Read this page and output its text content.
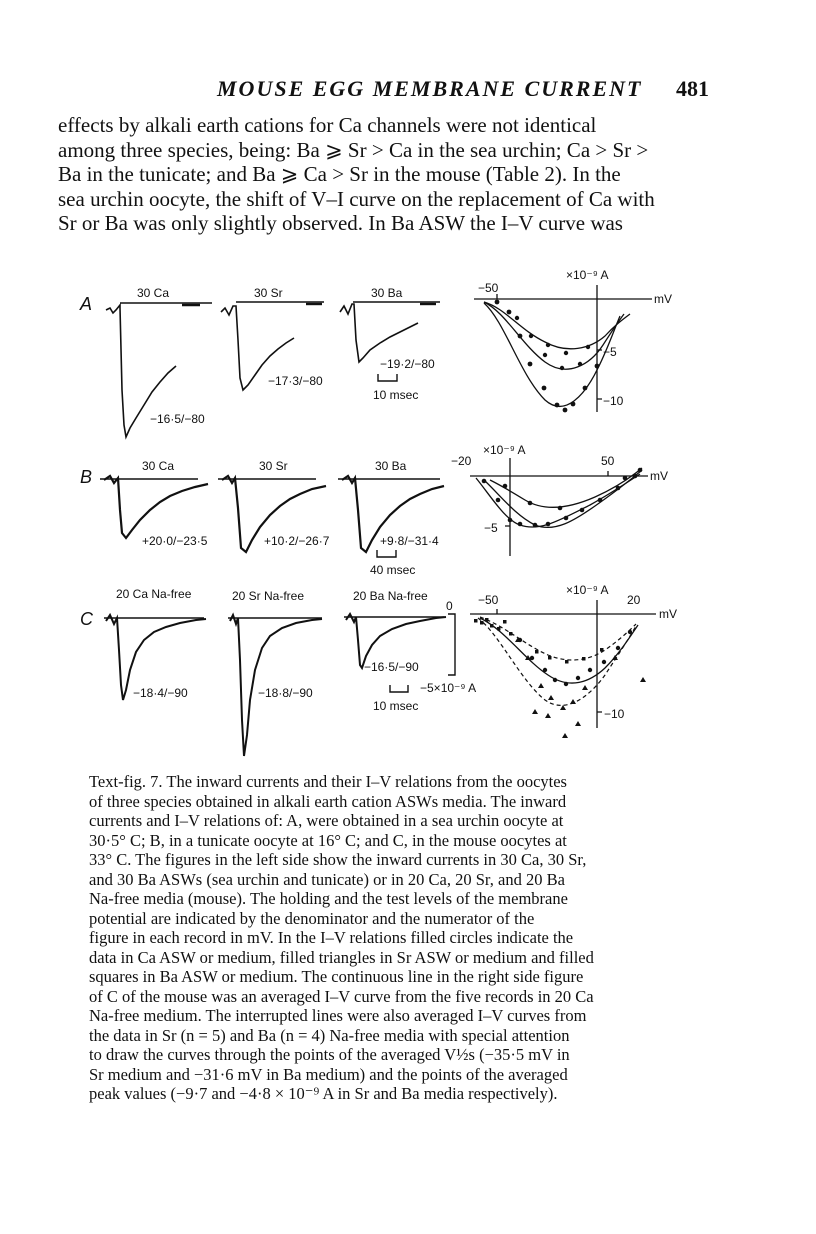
MOUSE EGG MEMBRANE CURRENT 481

effects by alkali earth cations for Ca channels were not identical
among three species, being: Ba ⩾ Sr > Ca in the sea urchin; Ca > Sr >
Ba in the tunicate; and Ba ⩾ Ca > Sr in the mouse (Table 2). In the
sea urchin oocyte, the shift of V–I curve on the replacement of Ca with
Sr or Ba was only slightly observed. In Ba ASW the I–V curve was

A
30 Ca
−16·5/−80
30 Sr
−17·3/−80
30 Ba
−19·2/−80
10 msec
×10⁻⁹ A
−50
mV
−5
−10
B
30 Ca
+20·0/−23·5
30 Sr
+10·2/−26·7
30 Ba
+9·8/−31·4
40 msec
×10⁻⁹ A
−20	50
mV
−5
C
20 Ca Na-free
−18·4/−90
20 Sr Na-free
−18·8/−90
20 Ba Na-free
−16·5/−90
0
−5×10⁻⁹ A
10 msec
×10⁻⁹ A
−50	20
mV
−10

Text-fig. 7. The inward currents and their I–V relations from the oocytes
of three species obtained in alkali earth cation ASWs media. The inward
currents and I–V relations of: A, were obtained in a sea urchin oocyte at
30·5° C; B, in a tunicate oocyte at 16° C; and C, in the mouse oocytes at
33° C. The figures in the left side show the inward currents in 30 Ca, 30 Sr,
and 30 Ba ASWs (sea urchin and tunicate) or in 20 Ca, 20 Sr, and 20 Ba
Na-free media (mouse). The holding and the test levels of the membrane
potential are indicated by the denominator and the numerator of the
figure in each record in mV. In the I–V relations filled circles indicate the
data in Ca ASW or medium, filled triangles in Sr ASW or medium and filled
squares in Ba ASW or medium. The continuous line in the right side figure
of C of the mouse was an averaged I–V curve from the five records in 20 Ca
Na-free medium. The interrupted lines were also averaged I–V curves from
the data in Sr (n = 5) and Ba (n = 4) Na-free media with special attention
to draw the curves through the points of the averaged V½s (−35·5 mV in
Sr medium and −31·6 mV in Ba medium) and the points of the averaged
peak values (−9·7 and −4·8 × 10⁻⁹ A in Sr and Ba media respectively).
